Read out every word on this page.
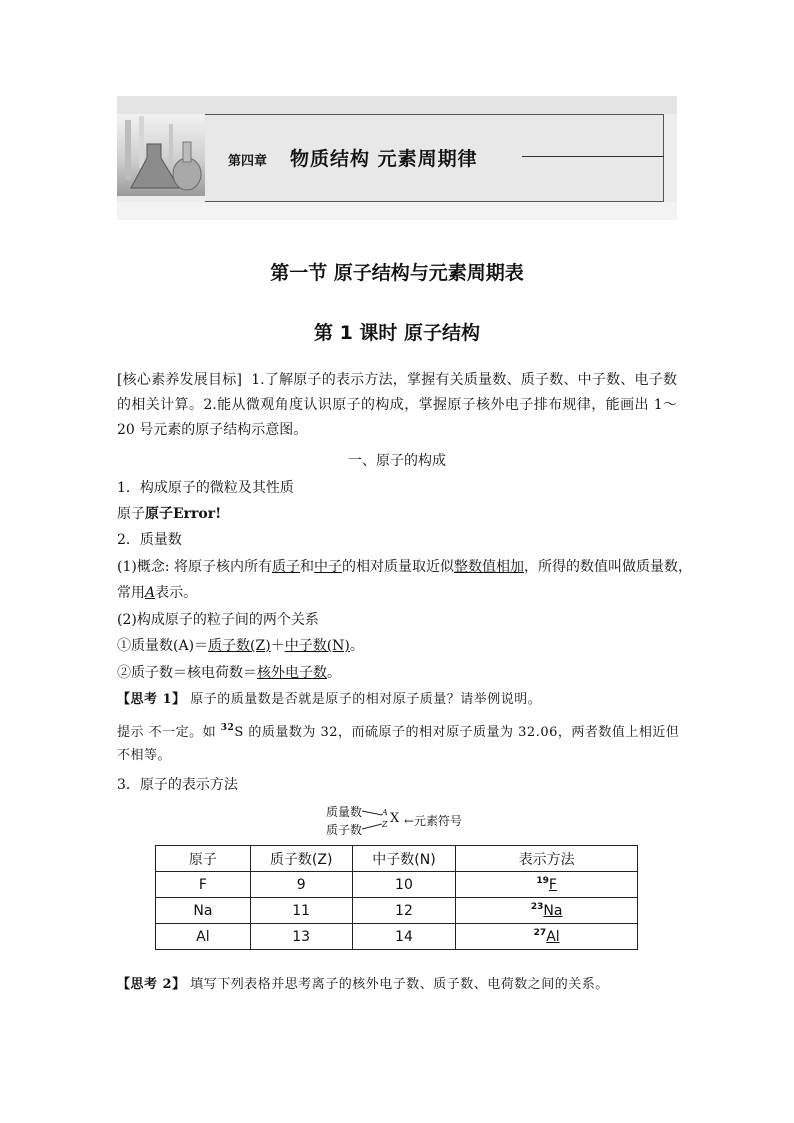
第四章 物质结构 元素周期律
第一节 原子结构与元素周期表
第 1 课时 原子结构
[核心素养发展目标] 1.了解原子的表示方法，掌握有关质量数、质子数、中子数、电子数的相关计算。2.能从微观角度认识原子的构成，掌握原子核外电子排布规律，能画出 1～20 号元素的原子结构示意图。
一、原子的构成
1．构成原子的微粒及其性质
原子原子Error!
2．质量数
(1)概念: 将原子核内所有质子和中子的相对质量取近似整数值相加，所得的数值叫做质量数，
常用A表示。
(2)构成原子的粒子间的两个关系
①质量数(A)＝质子数(Z)＋中子数(N)。
②质子数＝核电荷数＝核外电子数。
【思考 1】 原子的质量数是否就是原子的相对原子质量？请举例说明。
提示 不一定。如 $^{32}$S 的质量数为 32，而硫原子的相对原子质量为 32.06，两者数值上相近但
不相等。
3．原子的表示方法
质量数
质子数
A
Z X ←元素符号
原子	质子数(Z)	中子数(N)	表示方法
F	9	10	$^{19}$F
Na	11	12	$^{23}$Na
Al	13	14	$^{27}$Al
【思考 2】 填写下列表格并思考离子的核外电子数、质子数、电荷数之间的关系。
